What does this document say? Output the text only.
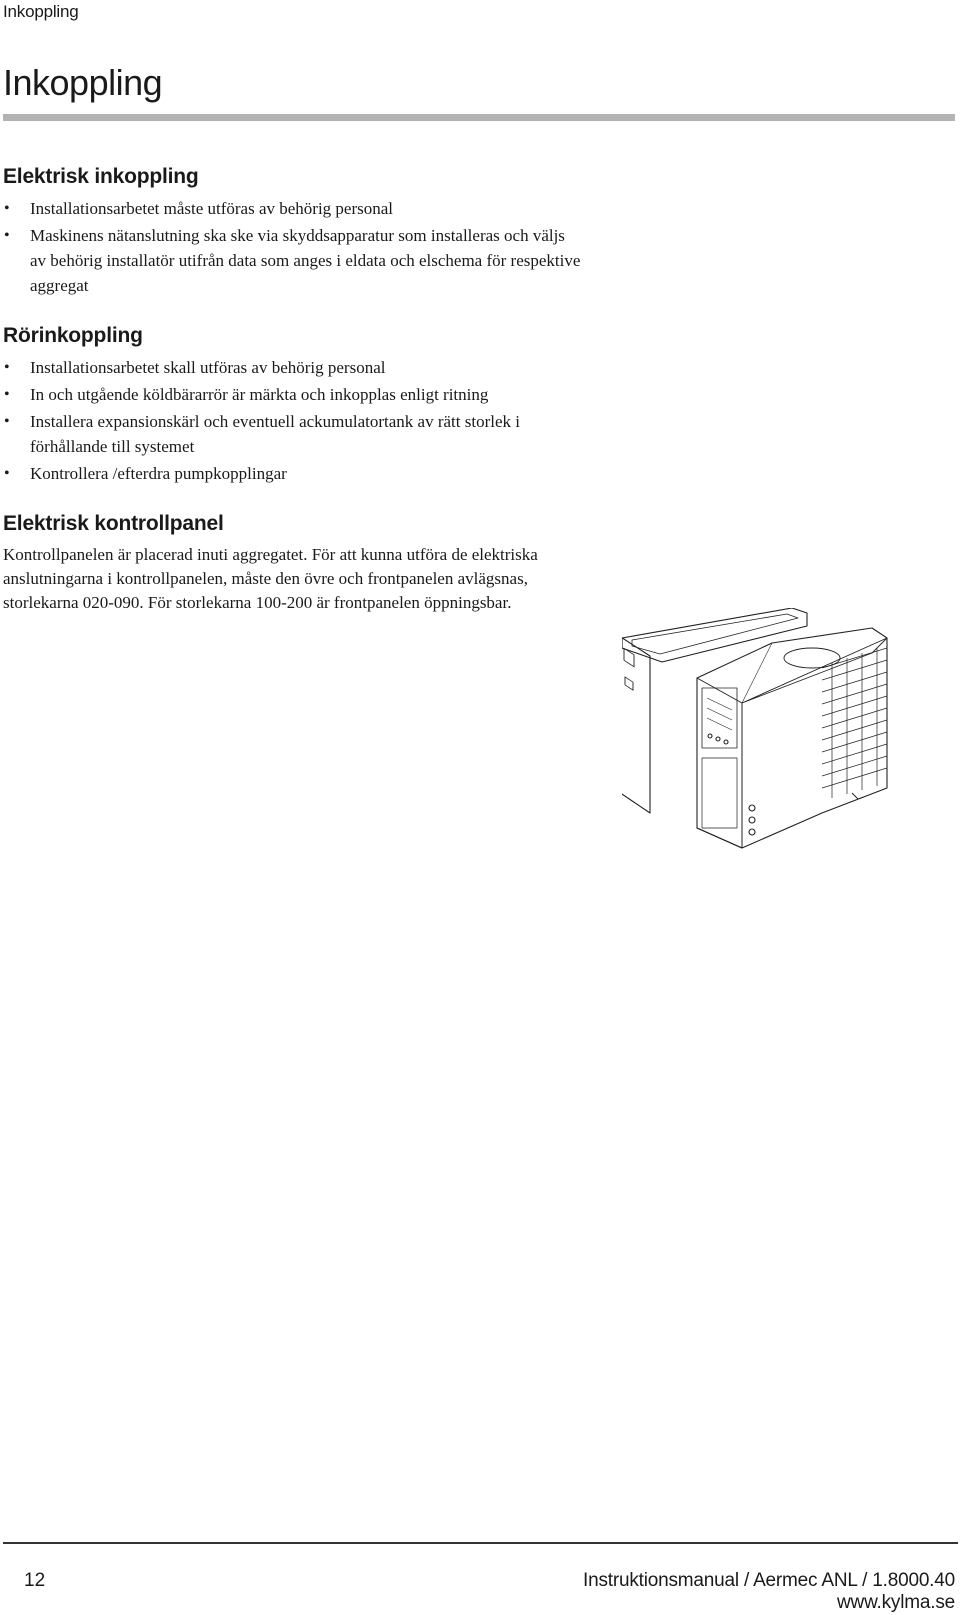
Inkoppling
Inkoppling
Elektrisk inkoppling
• Installationsarbetet måste utföras av behörig personal
• Maskinens nätanslutning ska ske via skyddsapparatur som installeras och väljs av behörig installatör utifrån data som anges i eldata och elschema för respektive aggregat
Rörinkoppling
• Installationsarbetet skall utföras av behörig personal
• In och utgående köldbärarrör är märkta och inkopplas enligt ritning
• Installera expansionskärl och eventuell ackumulatortank av rätt storlek i förhållande till systemet
• Kontrollera /efterdra pumpkopplingar
Elektrisk kontrollpanel

Kontrollpanelen är placerad inuti aggregatet. För att kunna utföra de elektriska anslutningarna i kontrollpanelen, måste den övre och frontpanelen avlägsnas, storlekarna 020-090. För storlekarna 100-200 är frontpanelen öppningsbar.

12	Instruktionsmanual / Aermec ANL / 1.8000.40
www.kylma.se
